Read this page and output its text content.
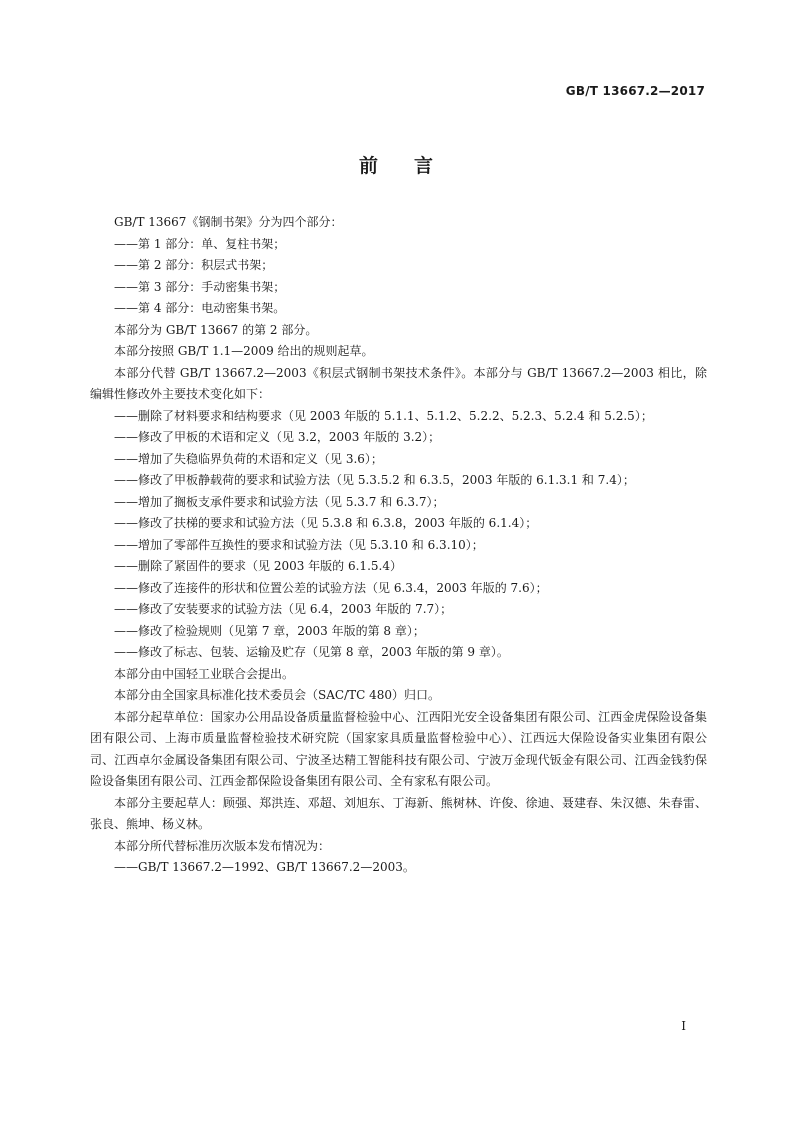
GB/T 13667.2—2017
前 言

GB/T 13667《钢制书架》分为四个部分：

——第 1 部分：单、复柱书架；

——第 2 部分：积层式书架；

——第 3 部分：手动密集书架；

——第 4 部分：电动密集书架。

本部分为 GB/T 13667 的第 2 部分。

本部分按照 GB/T 1.1—2009 给出的规则起草。

本部分代替 GB/T 13667.2—2003《积层式钢制书架技术条件》。本部分与 GB/T 13667.2—2003 相比，除编辑性修改外主要技术变化如下：

——删除了材料要求和结构要求（见 2003 年版的 5.1.1、5.1.2、5.2.2、5.2.3、5.2.4 和 5.2.5）；

——修改了甲板的术语和定义（见 3.2，2003 年版的 3.2）；

——增加了失稳临界负荷的术语和定义（见 3.6）；

——修改了甲板静载荷的要求和试验方法（见 5.3.5.2 和 6.3.5，2003 年版的 6.1.3.1 和 7.4）；

——增加了搁板支承件要求和试验方法（见 5.3.7 和 6.3.7）；

——修改了扶梯的要求和试验方法（见 5.3.8 和 6.3.8，2003 年版的 6.1.4）；

——增加了零部件互换性的要求和试验方法（见 5.3.10 和 6.3.10）；

——删除了紧固件的要求（见 2003 年版的 6.1.5.4）

——修改了连接件的形状和位置公差的试验方法（见 6.3.4，2003 年版的 7.6）；

——修改了安装要求的试验方法（见 6.4，2003 年版的 7.7）；

——修改了检验规则（见第 7 章，2003 年版的第 8 章）；

——修改了标志、包装、运输及贮存（见第 8 章，2003 年版的第 9 章）。

本部分由中国轻工业联合会提出。

本部分由全国家具标准化技术委员会（SAC/TC 480）归口。

本部分起草单位：国家办公用品设备质量监督检验中心、江西阳光安全设备集团有限公司、江西金虎保险设备集团有限公司、上海市质量监督检验技术研究院（国家家具质量监督检验中心）、江西远大保险设备实业集团有限公司、江西卓尔金属设备集团有限公司、宁波圣达精工智能科技有限公司、宁波万金现代钣金有限公司、江西金钱豹保险设备集团有限公司、江西金都保险设备集团有限公司、全有家私有限公司。

本部分主要起草人：顾强、郑洪连、邓超、刘旭东、丁海新、熊树林、许俊、徐迪、聂建春、朱汉德、朱春雷、张良、熊坤、杨义林。

本部分所代替标准历次版本发布情况为：

——GB/T 13667.2—1992、GB/T 13667.2—2003。

I
